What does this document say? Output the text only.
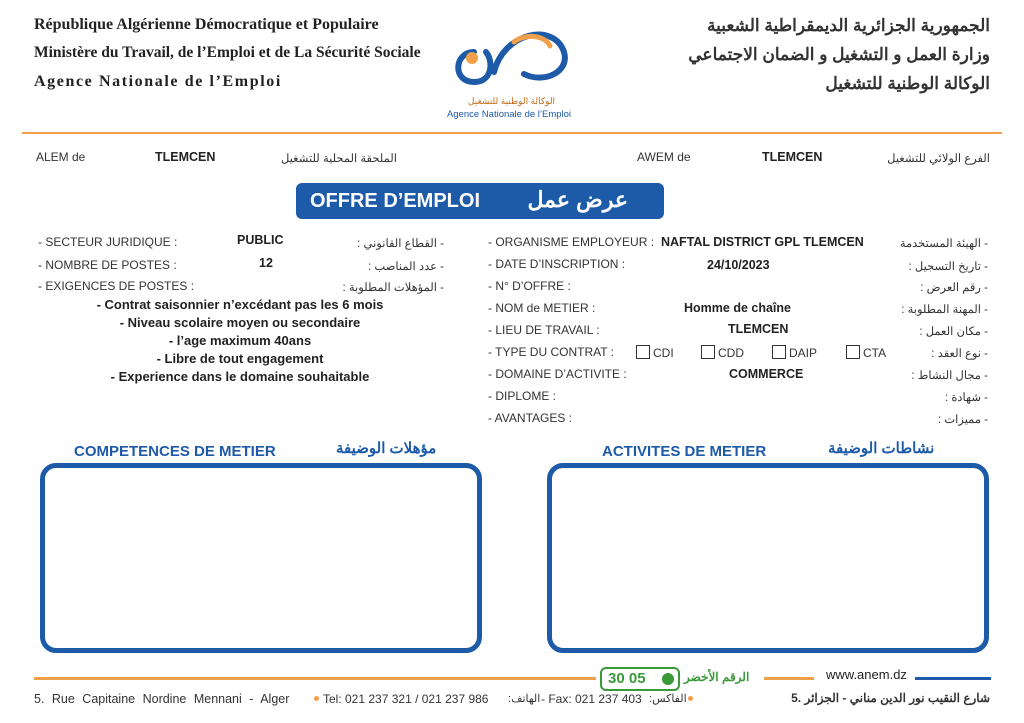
République Algérienne Démocratique et Populaire
Ministère du Travail, de l’Emploi et de La Sécurité Sociale
Agence Nationale de l’Emploi
الجمهورية الجزائرية الديمقراطية الشعبية
وزارة العمل و التشغيل و الضمان الاجتماعي
الوكالة الوطنية للتشغيل
الوكالة الوطنية للتشغيل
Agence Nationale de l’Emploi
ALEM de	TLEMCEN	الملحقة المحلية للتشغيل	AWEM de	TLEMCEN	الفرع الولائي للتشغيل
OFFRE D’EMPLOI عرض عمل
- SECTEUR JURIDIQUE :	PUBLIC	- القطاع القانوني :
- NOMBRE DE POSTES :	12	- عدد المناصب :
- EXIGENCES DE POSTES :	- المؤهلات المطلوبة :
- Contrat saisonnier n’excédant pas les 6 mois
- Niveau scolaire moyen ou secondaire
- l’age maximum 40ans
- Libre de tout engagement
- Experience dans le domaine souhaitable
- ORGANISME EMPLOYEUR : NAFTAL DISTRICT GPL TLEMCEN	- الهيئة المستخدمة
- DATE D’INSCRIPTION :	24/10/2023	- تاريخ التسجيل :
- N° D’OFFRE :	- رقم العرض :
- NOM de METIER :	Homme de chaîne	- المهنة المطلوبة :
- LIEU DE TRAVAIL :	TLEMCEN	- مكان العمل :
- TYPE DU CONTRAT :	CDI	CDD	DAIP	CTA	- نوع العقد :
- DOMAINE D’ACTIVITE :	COMMERCE	- مجال النشاط :
- DIPLOME :	- شهادة :
- AVANTAGES :	- مميزات :
COMPETENCES DE METIER	مؤهلات الوضيفة	ACTIVITES DE METIER	نشاطات الوضيفة
30 05	الرقم الأخضر	www.anem.dz
5. Rue Capitaine Nordine Mennani - Alger	Tel: 021 237 321 / 021 237 986 :الهاتف - Fax: 021 237 403 :الفاكس	شارع النقيب نور الدين مناني - الجزائر .5
